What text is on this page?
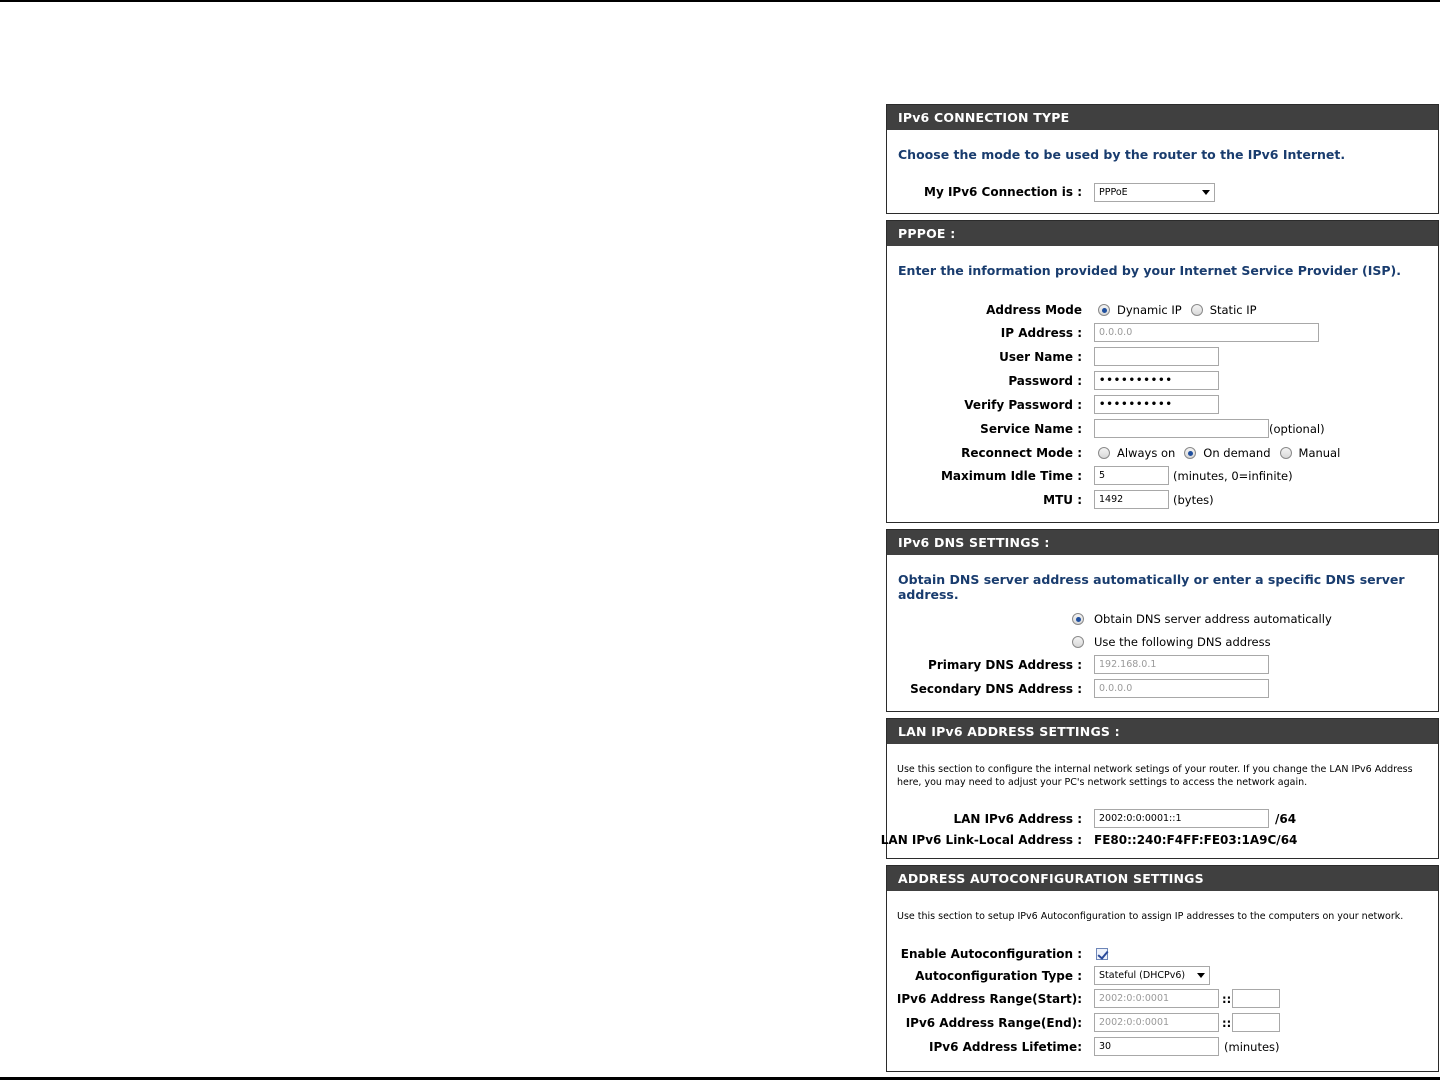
IPv6 CONNECTION TYPE
Choose the mode to be used by the router to the IPv6 Internet.
My IPv6 Connection is : PPPoE
PPPOE :
Enter the information provided by your Internet Service Provider (ISP).
Address Mode	Dynamic IP Static IP
IP Address :	0.0.0.0
User Name :
Password :	••••••••••
Verify Password :	••••••••••
Service Name :	(optional)
Reconnect Mode :	Always on On demand Manual
Maximum Idle Time :	5	(minutes, 0=infinite)
MTU :	1492	(bytes)
IPv6 DNS SETTINGS :
Obtain DNS server address automatically or enter a specific DNS server address.
Obtain DNS server address automatically
Use the following DNS address
Primary DNS Address :	192.168.0.1
Secondary DNS Address :	0.0.0.0
LAN IPv6 ADDRESS SETTINGS :
Use this section to configure the internal network setings of your router. If you change the LAN IPv6 Address here, you may need to adjust your PC's network settings to access the network again.
LAN IPv6 Address :	2002:0:0:0001::1	/64
LAN IPv6 Link-Local Address : FE80::240:F4FF:FE03:1A9C/64
ADDRESS AUTOCONFIGURATION SETTINGS
Use this section to setup IPv6 Autoconfiguration to assign IP addresses to the computers on your network.
Enable Autoconfiguration :
Autoconfiguration Type : Stateful (DHCPv6)
IPv6 Address Range(Start):	2002:0:0:0001	::
IPv6 Address Range(End):	2002:0:0:0001	::
IPv6 Address Lifetime:	30	(minutes)
